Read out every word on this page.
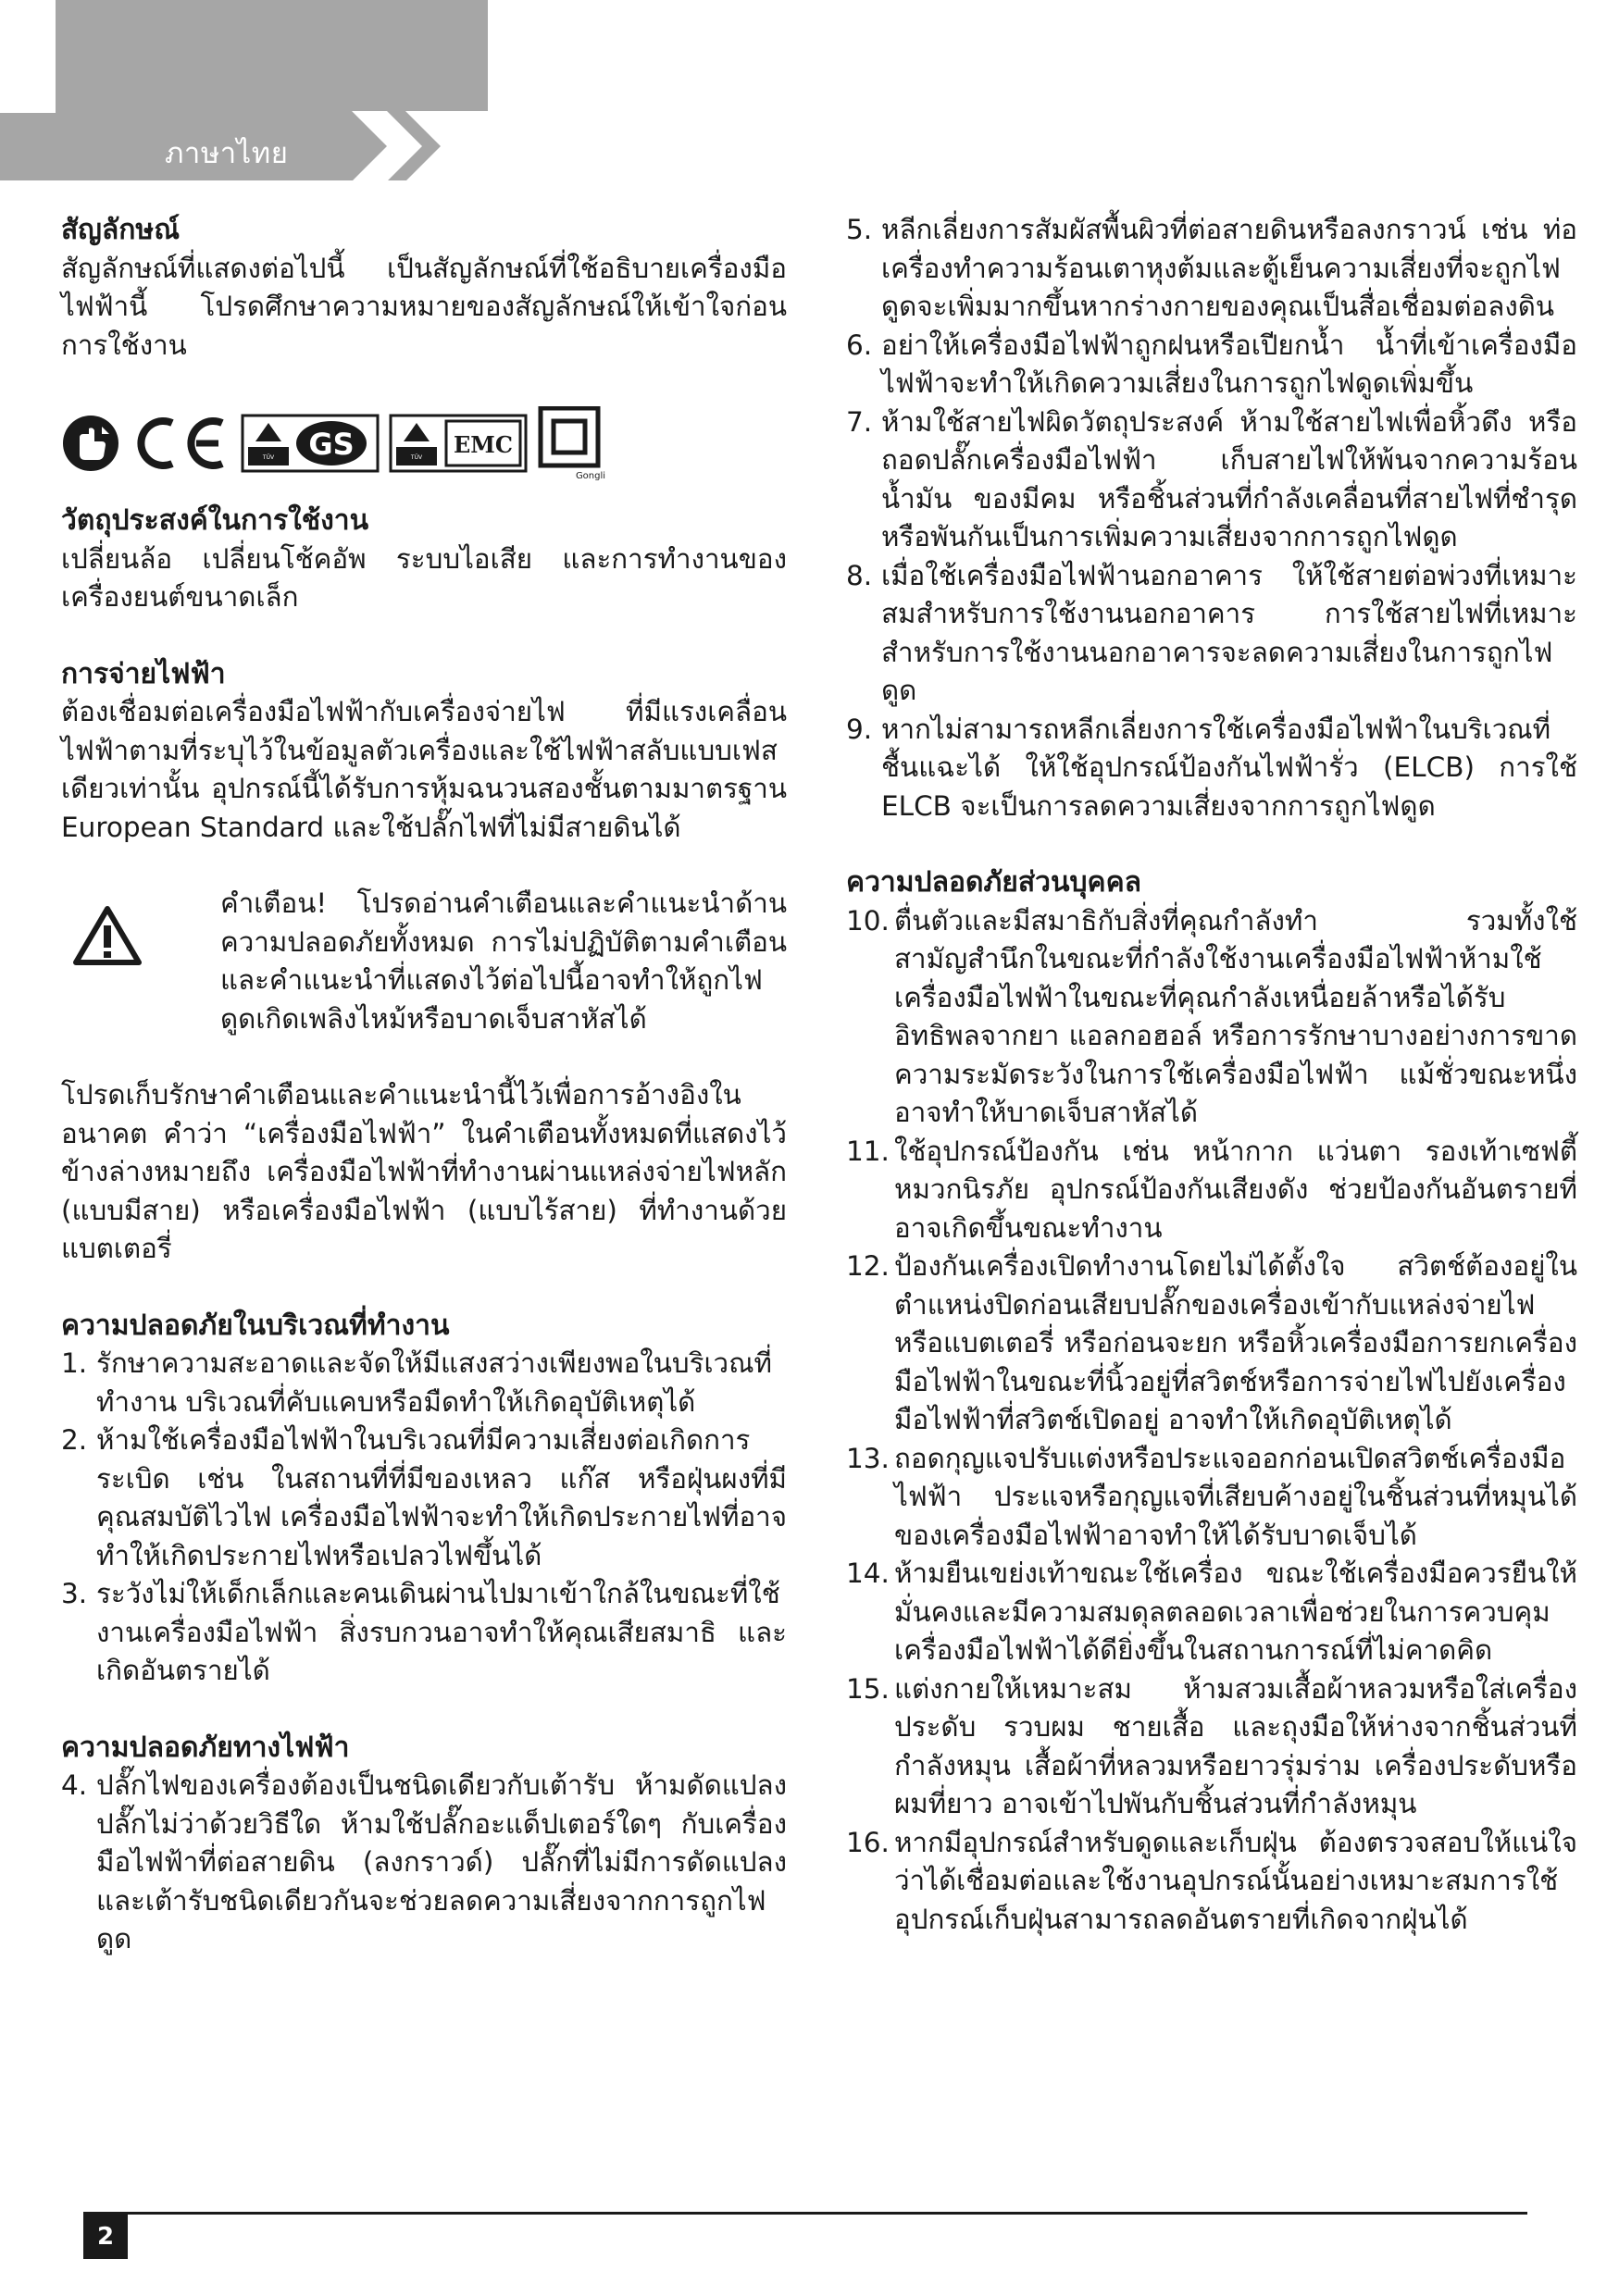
ภาษาไทย
สัญลักษณ์

สัญลักษณ์ที่แสดงต่อไปนี้ เป็นสัญลักษณ์ที่ใช้อธิบายเครื่องมือไฟฟ้านี้ โปรดศึกษาความหมายของสัญลักษณ์ให้เข้าใจก่อนการใช้งาน

CE
TÜV GS	TÜV EMC
Gongli
วัตถุประสงค์ในการใช้งาน

เปลี่ยนล้อ เปลี่ยนโช้คอัพ ระบบไอเสีย และการทำงานของเครื่องยนต์ขนาดเล็ก

การจ่ายไฟฟ้า

ต้องเชื่อมต่อเครื่องมือไฟฟ้ากับเครื่องจ่ายไฟ ที่มีแรงเคลื่อนไฟฟ้าตามที่ระบุไว้ในข้อมูลตัวเครื่องและใช้ไฟฟ้าสลับแบบเฟสเดียวเท่านั้น อุปกรณ์นี้ได้รับการหุ้มฉนวนสองชั้นตามมาตรฐาน European Standard และใช้ปลั๊กไฟที่ไม่มีสายดินได้

คำเตือน! โปรดอ่านคำเตือนและคำแนะนำด้านความปลอดภัยทั้งหมด การไม่ปฏิบัติตามคำเตือนและคำแนะนำที่แสดงไว้ต่อไปนี้อาจทำให้ถูกไฟดูดเกิดเพลิงไหม้หรือบาดเจ็บสาหัสได้

โปรดเก็บรักษาคำเตือนและคำแนะนำนี้ไว้เพื่อการอ้างอิงในอนาคต คำว่า “เครื่องมือไฟฟ้า” ในคำเตือนทั้งหมดที่แสดงไว้ข้างล่างหมายถึง เครื่องมือไฟฟ้าที่ทำงานผ่านแหล่งจ่ายไฟหลัก (แบบมีสาย) หรือเครื่องมือไฟฟ้า (แบบไร้สาย) ที่ทำงานด้วยแบตเตอรี่

ความปลอดภัยในบริเวณที่ทำงาน
1. รักษาความสะอาดและจัดให้มีแสงสว่างเพียงพอในบริเวณที่ทำงาน บริเวณที่คับแคบหรือมืดทำให้เกิดอุบัติเหตุได้
2. ห้ามใช้เครื่องมือไฟฟ้าในบริเวณที่มีความเสี่ยงต่อเกิดการระเบิด เช่น ในสถานที่ที่มีของเหลว แก๊ส หรือฝุ่นผงที่มีคุณสมบัติไวไฟ เครื่องมือไฟฟ้าจะทำให้เกิดประกายไฟที่อาจทำให้เกิดประกายไฟหรือเปลวไฟขึ้นได้
3. ระวังไม่ให้เด็กเล็กและคนเดินผ่านไปมาเข้าใกล้ในขณะที่ใช้งานเครื่องมือไฟฟ้า สิ่งรบกวนอาจทำให้คุณเสียสมาธิ และเกิดอันตรายได้
ความปลอดภัยทางไฟฟ้า
4. ปลั๊กไฟของเครื่องต้องเป็นชนิดเดียวกับเต้ารับ ห้ามดัดแปลงปลั๊กไม่ว่าด้วยวิธีใด ห้ามใช้ปลั๊กอะแด็ปเตอร์ใดๆ กับเครื่องมือไฟฟ้าที่ต่อสายดิน (ลงกราวด์) ปลั๊กที่ไม่มีการดัดแปลงและเต้ารับชนิดเดียวกันจะช่วยลดความเสี่ยงจากการถูกไฟดูด
5. หลีกเลี่ยงการสัมผัสพื้นผิวที่ต่อสายดินหรือลงกราวน์ เช่น ท่อเครื่องทำความร้อนเตาหุงต้มและตู้เย็นความเสี่ยงที่จะถูกไฟดูดจะเพิ่มมากขึ้นหากร่างกายของคุณเป็นสื่อเชื่อมต่อลงดิน
6. อย่าให้เครื่องมือไฟฟ้าถูกฝนหรือเปียกน้ำ น้ำที่เข้าเครื่องมือไฟฟ้าจะทำให้เกิดความเสี่ยงในการถูกไฟดูดเพิ่มขึ้น
7. ห้ามใช้สายไฟผิดวัตถุประสงค์ ห้ามใช้สายไฟเพื่อหิ้วดึง หรือถอดปลั๊กเครื่องมือไฟฟ้า เก็บสายไฟให้พ้นจากความร้อน น้ำมัน ของมีคม หรือชิ้นส่วนที่กำลังเคลื่อนที่สายไฟที่ชำรุดหรือพันกันเป็นการเพิ่มความเสี่ยงจากการถูกไฟดูด
8. เมื่อใช้เครื่องมือไฟฟ้านอกอาคาร ให้ใช้สายต่อพ่วงที่เหมาะสมสำหรับการใช้งานนอกอาคาร การใช้สายไฟที่เหมาะสำหรับการใช้งานนอกอาคารจะลดความเสี่ยงในการถูกไฟดูด
9. หากไม่สามารถหลีกเลี่ยงการใช้เครื่องมือไฟฟ้าในบริเวณที่ชื้นแฉะได้ ให้ใช้อุปกรณ์ป้องกันไฟฟ้ารั่ว (ELCB) การใช้ ELCB จะเป็นการลดความเสี่ยงจากการถูกไฟดูด
ความปลอดภัยส่วนบุคคล
10. ตื่นตัวและมีสมาธิกับสิ่งที่คุณกำลังทำ รวมทั้งใช้สามัญสำนึกในขณะที่กำลังใช้งานเครื่องมือไฟฟ้าห้ามใช้เครื่องมือไฟฟ้าในขณะที่คุณกำลังเหนื่อยล้าหรือได้รับอิทธิพลจากยา แอลกอฮอล์ หรือการรักษาบางอย่างการขาดความระมัดระวังในการใช้เครื่องมือไฟฟ้า แม้ชั่วขณะหนึ่งอาจทำให้บาดเจ็บสาหัสได้
11. ใช้อุปกรณ์ป้องกัน เช่น หน้ากาก แว่นตา รองเท้าเซฟตี้ หมวกนิรภัย อุปกรณ์ป้องกันเสียงดัง ช่วยป้องกันอันตรายที่อาจเกิดขึ้นขณะทำงาน
12. ป้องกันเครื่องเปิดทำงานโดยไม่ได้ตั้งใจ สวิตช์ต้องอยู่ในตำแหน่งปิดก่อนเสียบปลั๊กของเครื่องเข้ากับแหล่งจ่ายไฟหรือแบตเตอรี่ หรือก่อนจะยก หรือหิ้วเครื่องมือการยกเครื่องมือไฟฟ้าในขณะที่นิ้วอยู่ที่สวิตช์หรือการจ่ายไฟไปยังเครื่องมือไฟฟ้าที่สวิตช์เปิดอยู่ อาจทำให้เกิดอุบัติเหตุได้
13. ถอดกุญแจปรับแต่งหรือประแจออกก่อนเปิดสวิตช์เครื่องมือไฟฟ้า ประแจหรือกุญแจที่เสียบค้างอยู่ในชิ้นส่วนที่หมุนได้ของเครื่องมือไฟฟ้าอาจทำให้ได้รับบาดเจ็บได้
14. ห้ามยืนเขย่งเท้าขณะใช้เครื่อง ขณะใช้เครื่องมือควรยืนให้มั่นคงและมีความสมดุลตลอดเวลาเพื่อช่วยในการควบคุมเครื่องมือไฟฟ้าได้ดียิ่งขึ้นในสถานการณ์ที่ไม่คาดคิด
15. แต่งกายให้เหมาะสม ห้ามสวมเสื้อผ้าหลวมหรือใส่เครื่องประดับ รวบผม ชายเสื้อ และถุงมือให้ห่างจากชิ้นส่วนที่กำลังหมุน เสื้อผ้าที่หลวมหรือยาวรุ่มร่าม เครื่องประดับหรือผมที่ยาว อาจเข้าไปพันกับชิ้นส่วนที่กำลังหมุน
16. หากมีอุปกรณ์สำหรับดูดและเก็บฝุ่น ต้องตรวจสอบให้แน่ใจว่าได้เชื่อมต่อและใช้งานอุปกรณ์นั้นอย่างเหมาะสมการใช้อุปกรณ์เก็บฝุ่นสามารถลดอันตรายที่เกิดจากฝุ่นได้
2
